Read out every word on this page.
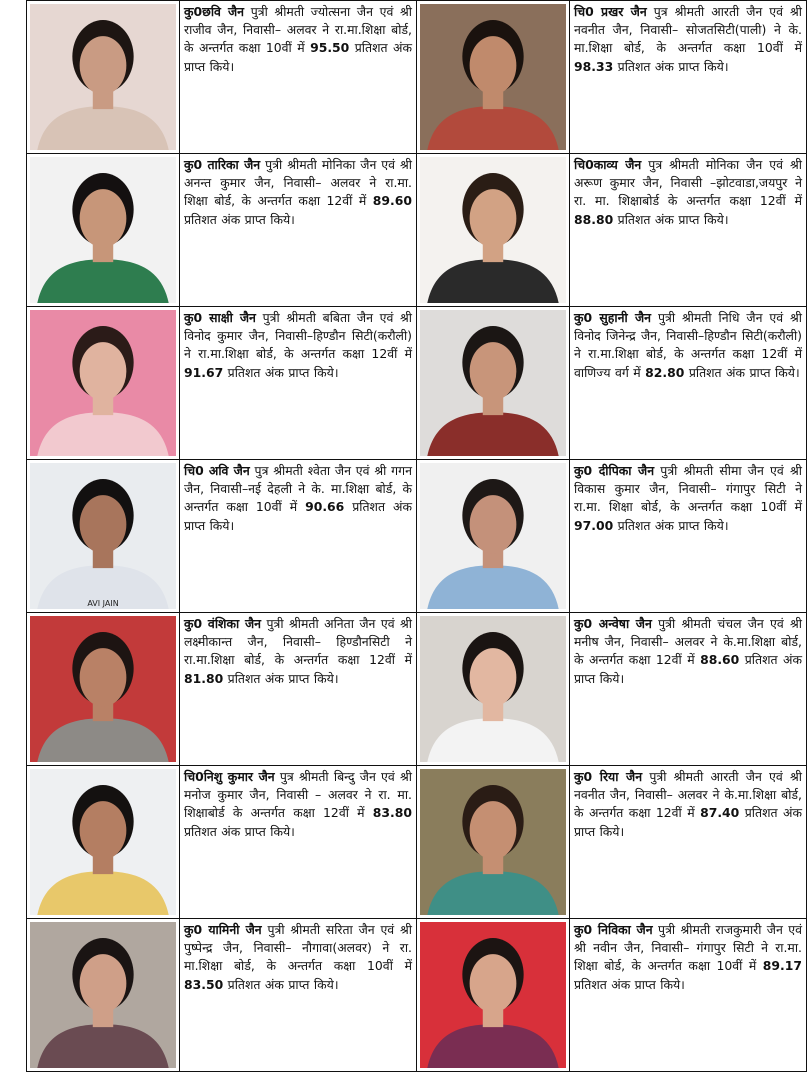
कु0छवि जैन पुत्री श्रीमती ज्योत्सना जैन एवं श्री राजीव जैन, निवासी– अलवर ने रा.मा.शिक्षा बोर्ड, के अन्तर्गत कक्षा 10वीं में 95.50 प्रतिशत अंक प्राप्त किये।		चि0 प्रखर जैन पुत्र श्रीमती आरती जैन एवं श्री नवनीत जैन, निवासी– सोजतसिटी(पाली) ने के. मा.शिक्षा बोर्ड, के अन्तर्गत कक्षा 10वीं में 98.33 प्रतिशत अंक प्राप्त किये।

कु0 तारिका जैन पुत्री श्रीमती मोनिका जैन एवं श्री अनन्त कुमार जैन, निवासी– अलवर ने रा.मा. शिक्षा बोर्ड, के अन्तर्गत कक्षा 12वीं में 89.60 प्रतिशत अंक प्राप्त किये।		चि0काव्य जैन पुत्र श्रीमती मोनिका जैन एवं श्री अरूण कुमार जैन, निवासी –झोटवाडा,जयपुर ने रा. मा. शिक्षाबोर्ड के अन्तर्गत कक्षा 12वीं में 88.80 प्रतिशत अंक प्राप्त किये।

कु0 साक्षी जैन पुत्री श्रीमती बबिता जैन एवं श्री विनोद कुमार जैन, निवासी–हिण्डौन सिटी(करौली) ने रा.मा.शिक्षा बोर्ड, के अन्तर्गत कक्षा 12वीं में 91.67 प्रतिशत अंक प्राप्त किये।		कु0 सुहानी जैन पुत्री श्रीमती निधि जैन एवं श्री विनोद जिनेन्द्र जैन, निवासी–हिण्डौन सिटी(करौली) ने रा.मा.शिक्षा बोर्ड, के अन्तर्गत कक्षा 12वीं में वाणिज्य वर्ग में 82.80 प्रतिशत अंक प्राप्त किये।

AVI JAIN	चि0 अवि जैन पुत्र श्रीमती श्वेता जैन एवं श्री गगन जैन, निवासी–नई देहली ने के. मा.शिक्षा बोर्ड, के अन्तर्गत कक्षा 10वीं में 90.66 प्रतिशत अंक प्राप्त किये।		कु0 दीपिका जैन पुत्री श्रीमती सीमा जैन एवं श्री विकास कुमार जैन, निवासी– गंगापुर सिटी ने रा.मा. शिक्षा बोर्ड, के अन्तर्गत कक्षा 10वीं में 97.00 प्रतिशत अंक प्राप्त किये।

कु0 वंशिका जैन पुत्री श्रीमती अनिता जैन एवं श्री लक्ष्मीकान्त जैन, निवासी– हिण्डौनसिटी ने रा.मा.शिक्षा बोर्ड, के अन्तर्गत कक्षा 12वीं में 81.80 प्रतिशत अंक प्राप्त किये।		कु0 अन्वेषा जैन पुत्री श्रीमती चंचल जैन एवं श्री मनीष जैन, निवासी– अलवर ने के.मा.शिक्षा बोर्ड, के अन्तर्गत कक्षा 12वीं में 88.60 प्रतिशत अंक प्राप्त किये।

चि0निशु कुमार जैन पुत्र श्रीमती बिन्दु जैन एवं श्री मनोज कुमार जैन, निवासी – अलवर ने रा. मा. शिक्षाबोर्ड के अन्तर्गत कक्षा 12वीं में 83.80 प्रतिशत अंक प्राप्त किये।		कु0 रिया जैन पुत्री श्रीमती आरती जैन एवं श्री नवनीत जैन, निवासी– अलवर ने के.मा.शिक्षा बोर्ड, के अन्तर्गत कक्षा 12वीं में 87.40 प्रतिशत अंक प्राप्त किये।

कु0 यामिनी जैन पुत्री श्रीमती सरिता जैन एवं श्री पुष्पेन्द्र जैन, निवासी– नौगावा(अलवर) ने रा. मा.शिक्षा बोर्ड, के अन्तर्गत कक्षा 10वीं में 83.50 प्रतिशत अंक प्राप्त किये।		कु0 निविका जैन पुत्री श्रीमती राजकुमारी जैन एवं श्री नवीन जैन, निवासी– गंगापुर सिटी ने रा.मा. शिक्षा बोर्ड, के अन्तर्गत कक्षा 10वीं में 89.17 प्रतिशत अंक प्राप्त किये।
